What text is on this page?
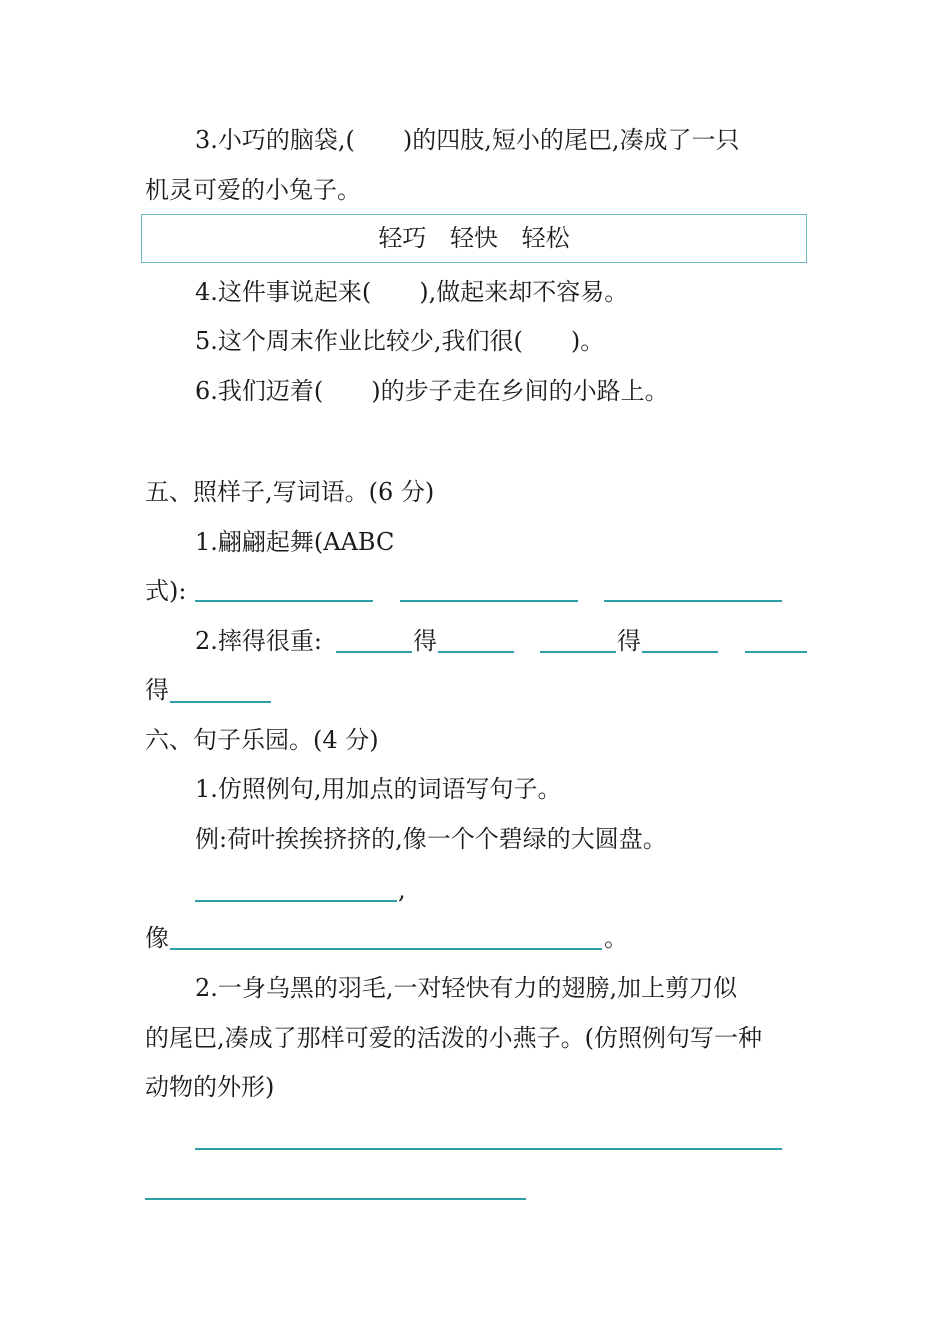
3.小巧的脑袋,( )的四肢,短小的尾巴,凑成了一只
机灵可爱的小兔子。
轻巧 轻快 轻松
4.这件事说起来( ),做起来却不容易。
5.这个周末作业比较少,我们很( )。
6.我们迈着( )的步子走在乡间的小路上。
五、照样子,写词语。(6 分)
1.翩翩起舞(AABC
式):
2.摔得很重:	得	得
得
六、句子乐园。(4 分)
1.仿照例句,用加点的词语写句子。
例:荷叶挨挨挤挤的,像一个个碧绿的大圆盘。
,
像	。
2.一身乌黑的羽毛,一对轻快有力的翅膀,加上剪刀似
的尾巴,凑成了那样可爱的活泼的小燕子。(仿照例句写一种
动物的外形)
